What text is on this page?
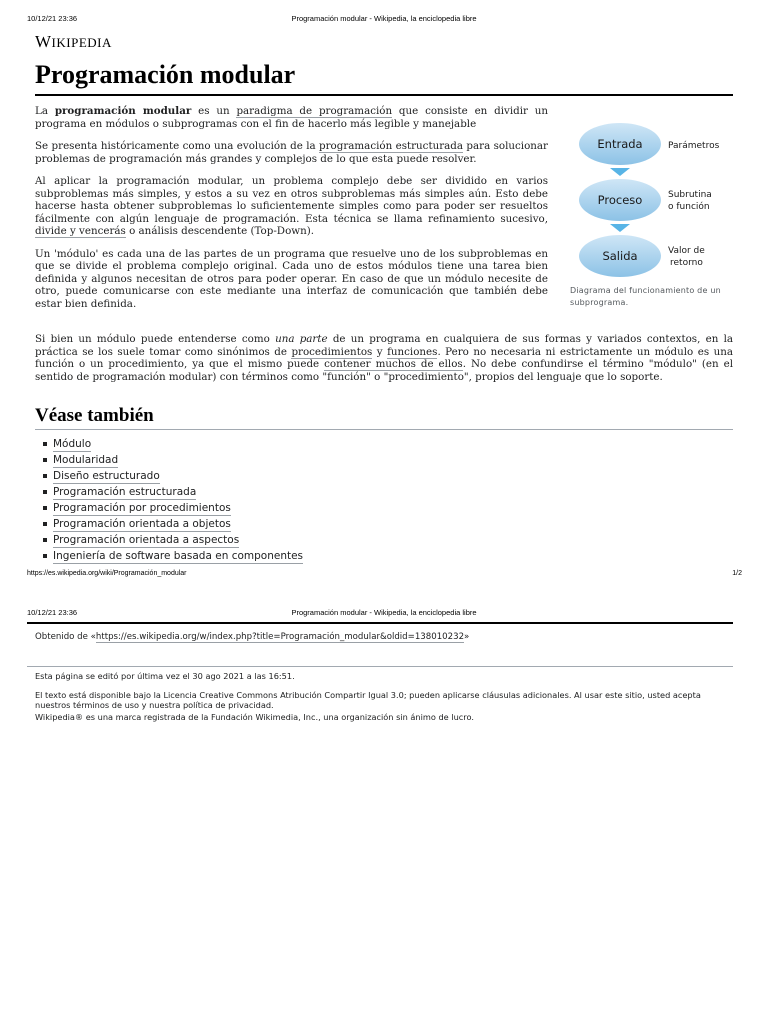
10/12/21 23:36	Programación modular - Wikipedia, la enciclopedia libre
WIKIPEDIA
Programación modular

La programación modular es un paradigma de programación que consiste en dividir un programa en módulos o subprogramas con el fin de hacerlo más legible y manejable

Se presenta históricamente como una evolución de la programación estructurada para solucionar problemas de programación más grandes y complejos de lo que esta puede resolver.

Al aplicar la programación modular, un problema complejo debe ser dividido en varios subproblemas más simples, y estos a su vez en otros subproblemas más simples aún. Esto debe hacerse hasta obtener subproblemas lo suficientemente simples como para poder ser resueltos fácilmente con algún lenguaje de programación. Esta técnica se llama refinamiento sucesivo, divide y vencerás o análisis descendente (Top-Down).

Un 'módulo' es cada una de las partes de un programa que resuelve uno de los subproblemas en que se divide el problema complejo original. Cada uno de estos módulos tiene una tarea bien definida y algunos necesitan de otros para poder operar. En caso de que un módulo necesite de otro, puede comunicarse con este mediante una interfaz de comunicación que también debe estar bien definida.

Entrada
Proceso
Salida
Parámetros
Subrutina
o función
Valor de
retorno
Diagrama del funcionamiento de un subprograma.

Si bien un módulo puede entenderse como una parte de un programa en cualquiera de sus formas y variados contextos, en la práctica se los suele tomar como sinónimos de procedimientos y funciones. Pero no necesaria ni estrictamente un módulo es una función o un procedimiento, ya que el mismo puede contener muchos de ellos. No debe confundirse el término "módulo" (en el sentido de programación modular) con términos como "función" o "procedimiento", propios del lenguaje que lo soporte.

Véase también
Módulo
Modularidad
Diseño estructurado
Programación estructurada
Programación por procedimientos
Programación orientada a objetos
Programación orientada a aspectos
Ingeniería de software basada en componentes
https://es.wikipedia.org/wiki/Programación_modular	1/2
10/12/21 23:36	Programación modular - Wikipedia, la enciclopedia libre
Obtenido de «https://es.wikipedia.org/w/index.php?title=Programación_modular&oldid=138010232»
Esta página se editó por última vez el 30 ago 2021 a las 16:51.
El texto está disponible bajo la Licencia Creative Commons Atribución Compartir Igual 3.0; pueden aplicarse cláusulas adicionales. Al usar este sitio, usted acepta nuestros términos de uso y nuestra política de privacidad.
Wikipedia® es una marca registrada de la Fundación Wikimedia, Inc., una organización sin ánimo de lucro.
